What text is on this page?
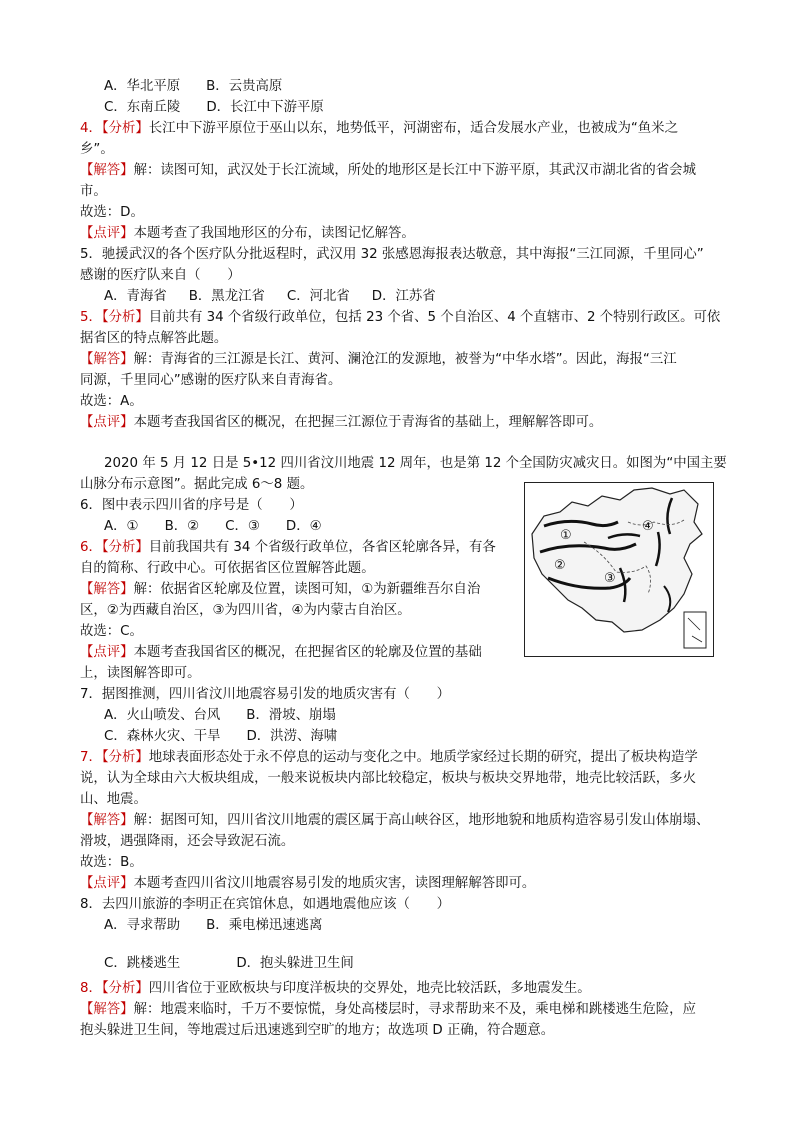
A．华北平原 B．云贵高原
C．东南丘陵 D．长江中下游平原
4．【分析】长江中下游平原位于巫山以东，地势低平，河湖密布，适合发展水产业，也被成为“鱼米之
乡”。
【解答】解：读图可知，武汉处于长江流域，所处的地形区是长江中下游平原，其武汉市湖北省的省会城
市。
故选：D。
【点评】本题考查了我国地形区的分布，读图记忆解答。
5．驰援武汉的各个医疗队分批返程时，武汉用 32 张感恩海报表达敬意，其中海报“三江同源，千里同心”
感谢的医疗队来自（　　）
A．青海省 B．黑龙江省 C．河北省 D．江苏省
5．【分析】目前共有 34 个省级行政单位，包括 23 个省、5 个自治区、4 个直辖市、2 个特别行政区。可依
据省区的特点解答此题。
【解答】解：青海省的三江源是长江、黄河、澜沧江的发源地，被誉为“中华水塔”。因此，海报“三江
同源，千里同心”感谢的医疗队来自青海省。
故选：A。
【点评】本题考查我国省区的概况，在把握三江源位于青海省的基础上，理解解答即可。
2020 年 5 月 12 日是 5•12 四川省汶川地震 12 周年，也是第 12 个全国防灾减灾日。如图为“中国主要
山脉分布示意图”。据此完成 6～8 题。
①
②
③
④
6．图中表示四川省的序号是（　　）
A．① B．② C．③ D．④
6．【分析】目前我国共有 34 个省级行政单位，各省区轮廓各异，有各
自的简称、行政中心。可依据省区位置解答此题。
【解答】解：依据省区轮廓及位置，读图可知，①为新疆维吾尔自治
区，②为西藏自治区，③为四川省，④为内蒙古自治区。
故选：C。
【点评】本题考查我国省区的概况，在把握省区的轮廓及位置的基础
上，读图解答即可。
7．据图推测，四川省汶川地震容易引发的地质灾害有（　　）
A．火山喷发、台风 B．滑坡、崩塌
C．森林火灾、干旱 D．洪涝、海啸
7．【分析】地球表面形态处于永不停息的运动与变化之中。地质学家经过长期的研究，提出了板块构造学
说，认为全球由六大板块组成，一般来说板块内部比较稳定，板块与板块交界地带，地壳比较活跃，多火
山、地震。
【解答】解：据图可知，四川省汶川地震的震区属于高山峡谷区，地形地貌和地质构造容易引发山体崩塌、
滑坡，遇强降雨，还会导致泥石流。
故选：B。
【点评】本题考查四川省汶川地震容易引发的地质灾害，读图理解解答即可。
8．去四川旅游的李明正在宾馆休息，如遇地震他应该（　　）
A．寻求帮助 B．乘电梯迅速逃离
C．跳楼逃生	D．抱头躲进卫生间
8．【分析】四川省位于亚欧板块与印度洋板块的交界处，地壳比较活跃，多地震发生。
【解答】解：地震来临时，千万不要惊慌，身处高楼层时，寻求帮助来不及，乘电梯和跳楼逃生危险，应
抱头躲进卫生间，等地震过后迅速逃到空旷的地方；故选项 D 正确，符合题意。
